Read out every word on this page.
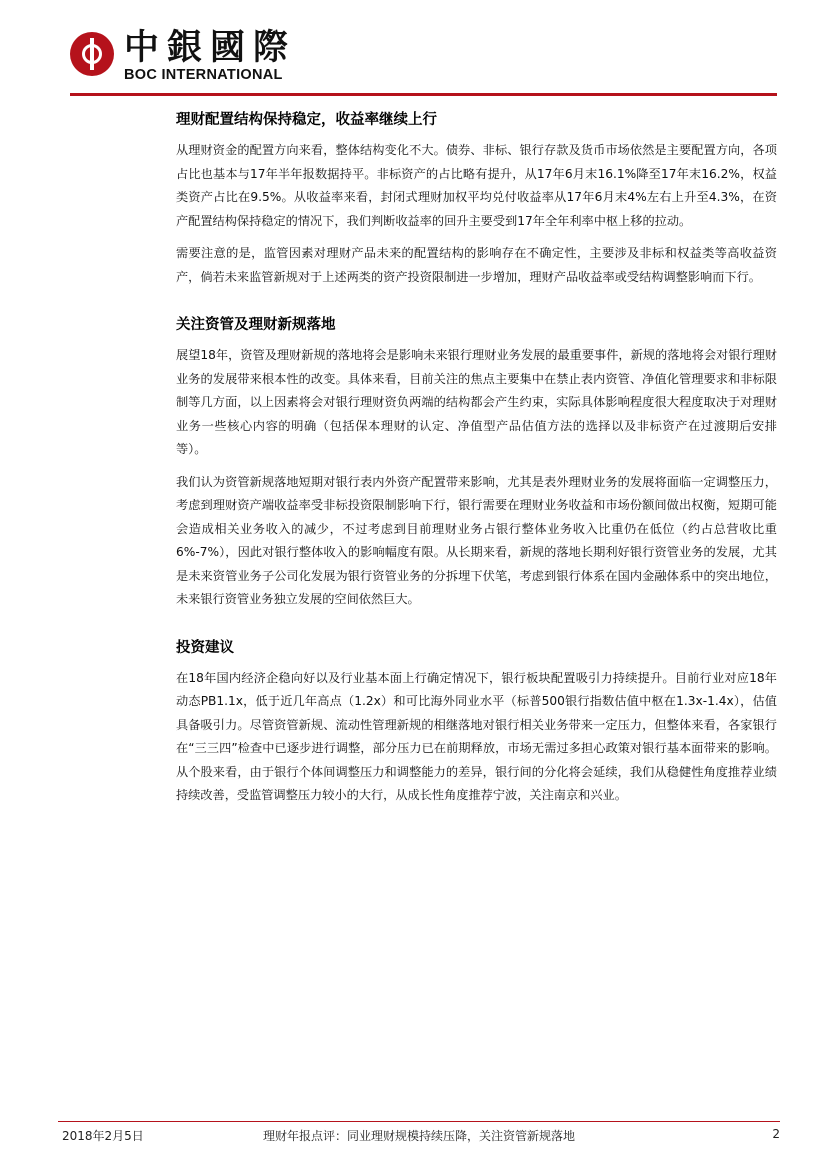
中銀國際
BOC INTERNATIONAL
理财配置结构保持稳定，收益率继续上行

从理财资金的配置方向来看，整体结构变化不大。债券、非标、银行存款及货币市场依然是主要配置方向，各项占比也基本与17年半年报数据持平。非标资产的占比略有提升，从17年6月末16.1%降至17年末16.2%，权益类资产占比在9.5%。从收益率来看，封闭式理财加权平均兑付收益率从17年6月末4%左右上升至4.3%，在资产配置结构保持稳定的情况下，我们判断收益率的回升主要受到17年全年利率中枢上移的拉动。

需要注意的是，监管因素对理财产品未来的配置结构的影响存在不确定性，主要涉及非标和权益类等高收益资产，倘若未来监管新规对于上述两类的资产投资限制进一步增加，理财产品收益率或受结构调整影响而下行。

关注资管及理财新规落地

展望18年，资管及理财新规的落地将会是影响未来银行理财业务发展的最重要事件，新规的落地将会对银行理财业务的发展带来根本性的改变。具体来看，目前关注的焦点主要集中在禁止表内资管、净值化管理要求和非标限制等几方面，以上因素将会对银行理财资负两端的结构都会产生约束，实际具体影响程度很大程度取决于对理财业务一些核心内容的明确（包括保本理财的认定、净值型产品估值方法的选择以及非标资产在过渡期后安排等）。

我们认为资管新规落地短期对银行表内外资产配置带来影响，尤其是表外理财业务的发展将面临一定调整压力，考虑到理财资产端收益率受非标投资限制影响下行，银行需要在理财业务收益和市场份额间做出权衡，短期可能会造成相关业务收入的减少，不过考虑到目前理财业务占银行整体业务收入比重仍在低位（约占总营收比重6%-7%），因此对银行整体收入的影响幅度有限。从长期来看，新规的落地长期利好银行资管业务的发展，尤其是未来资管业务子公司化发展为银行资管业务的分拆埋下伏笔，考虑到银行体系在国内金融体系中的突出地位，未来银行资管业务独立发展的空间依然巨大。

投资建议

在18年国内经济企稳向好以及行业基本面上行确定情况下，银行板块配置吸引力持续提升。目前行业对应18年动态PB1.1x，低于近几年高点（1.2x）和可比海外同业水平（标普500银行指数估值中枢在1.3x-1.4x），估值具备吸引力。尽管资管新规、流动性管理新规的相继落地对银行相关业务带来一定压力，但整体来看，各家银行在“三三四”检查中已逐步进行调整，部分压力已在前期释放，市场无需过多担心政策对银行基本面带来的影响。从个股来看，由于银行个体间调整压力和调整能力的差异，银行间的分化将会延续，我们从稳健性角度推荐业绩持续改善，受监管调整压力较小的大行，从成长性角度推荐宁波，关注南京和兴业。

2018年2月5日	理财年报点评：同业理财规模持续压降，关注资管新规落地	2
